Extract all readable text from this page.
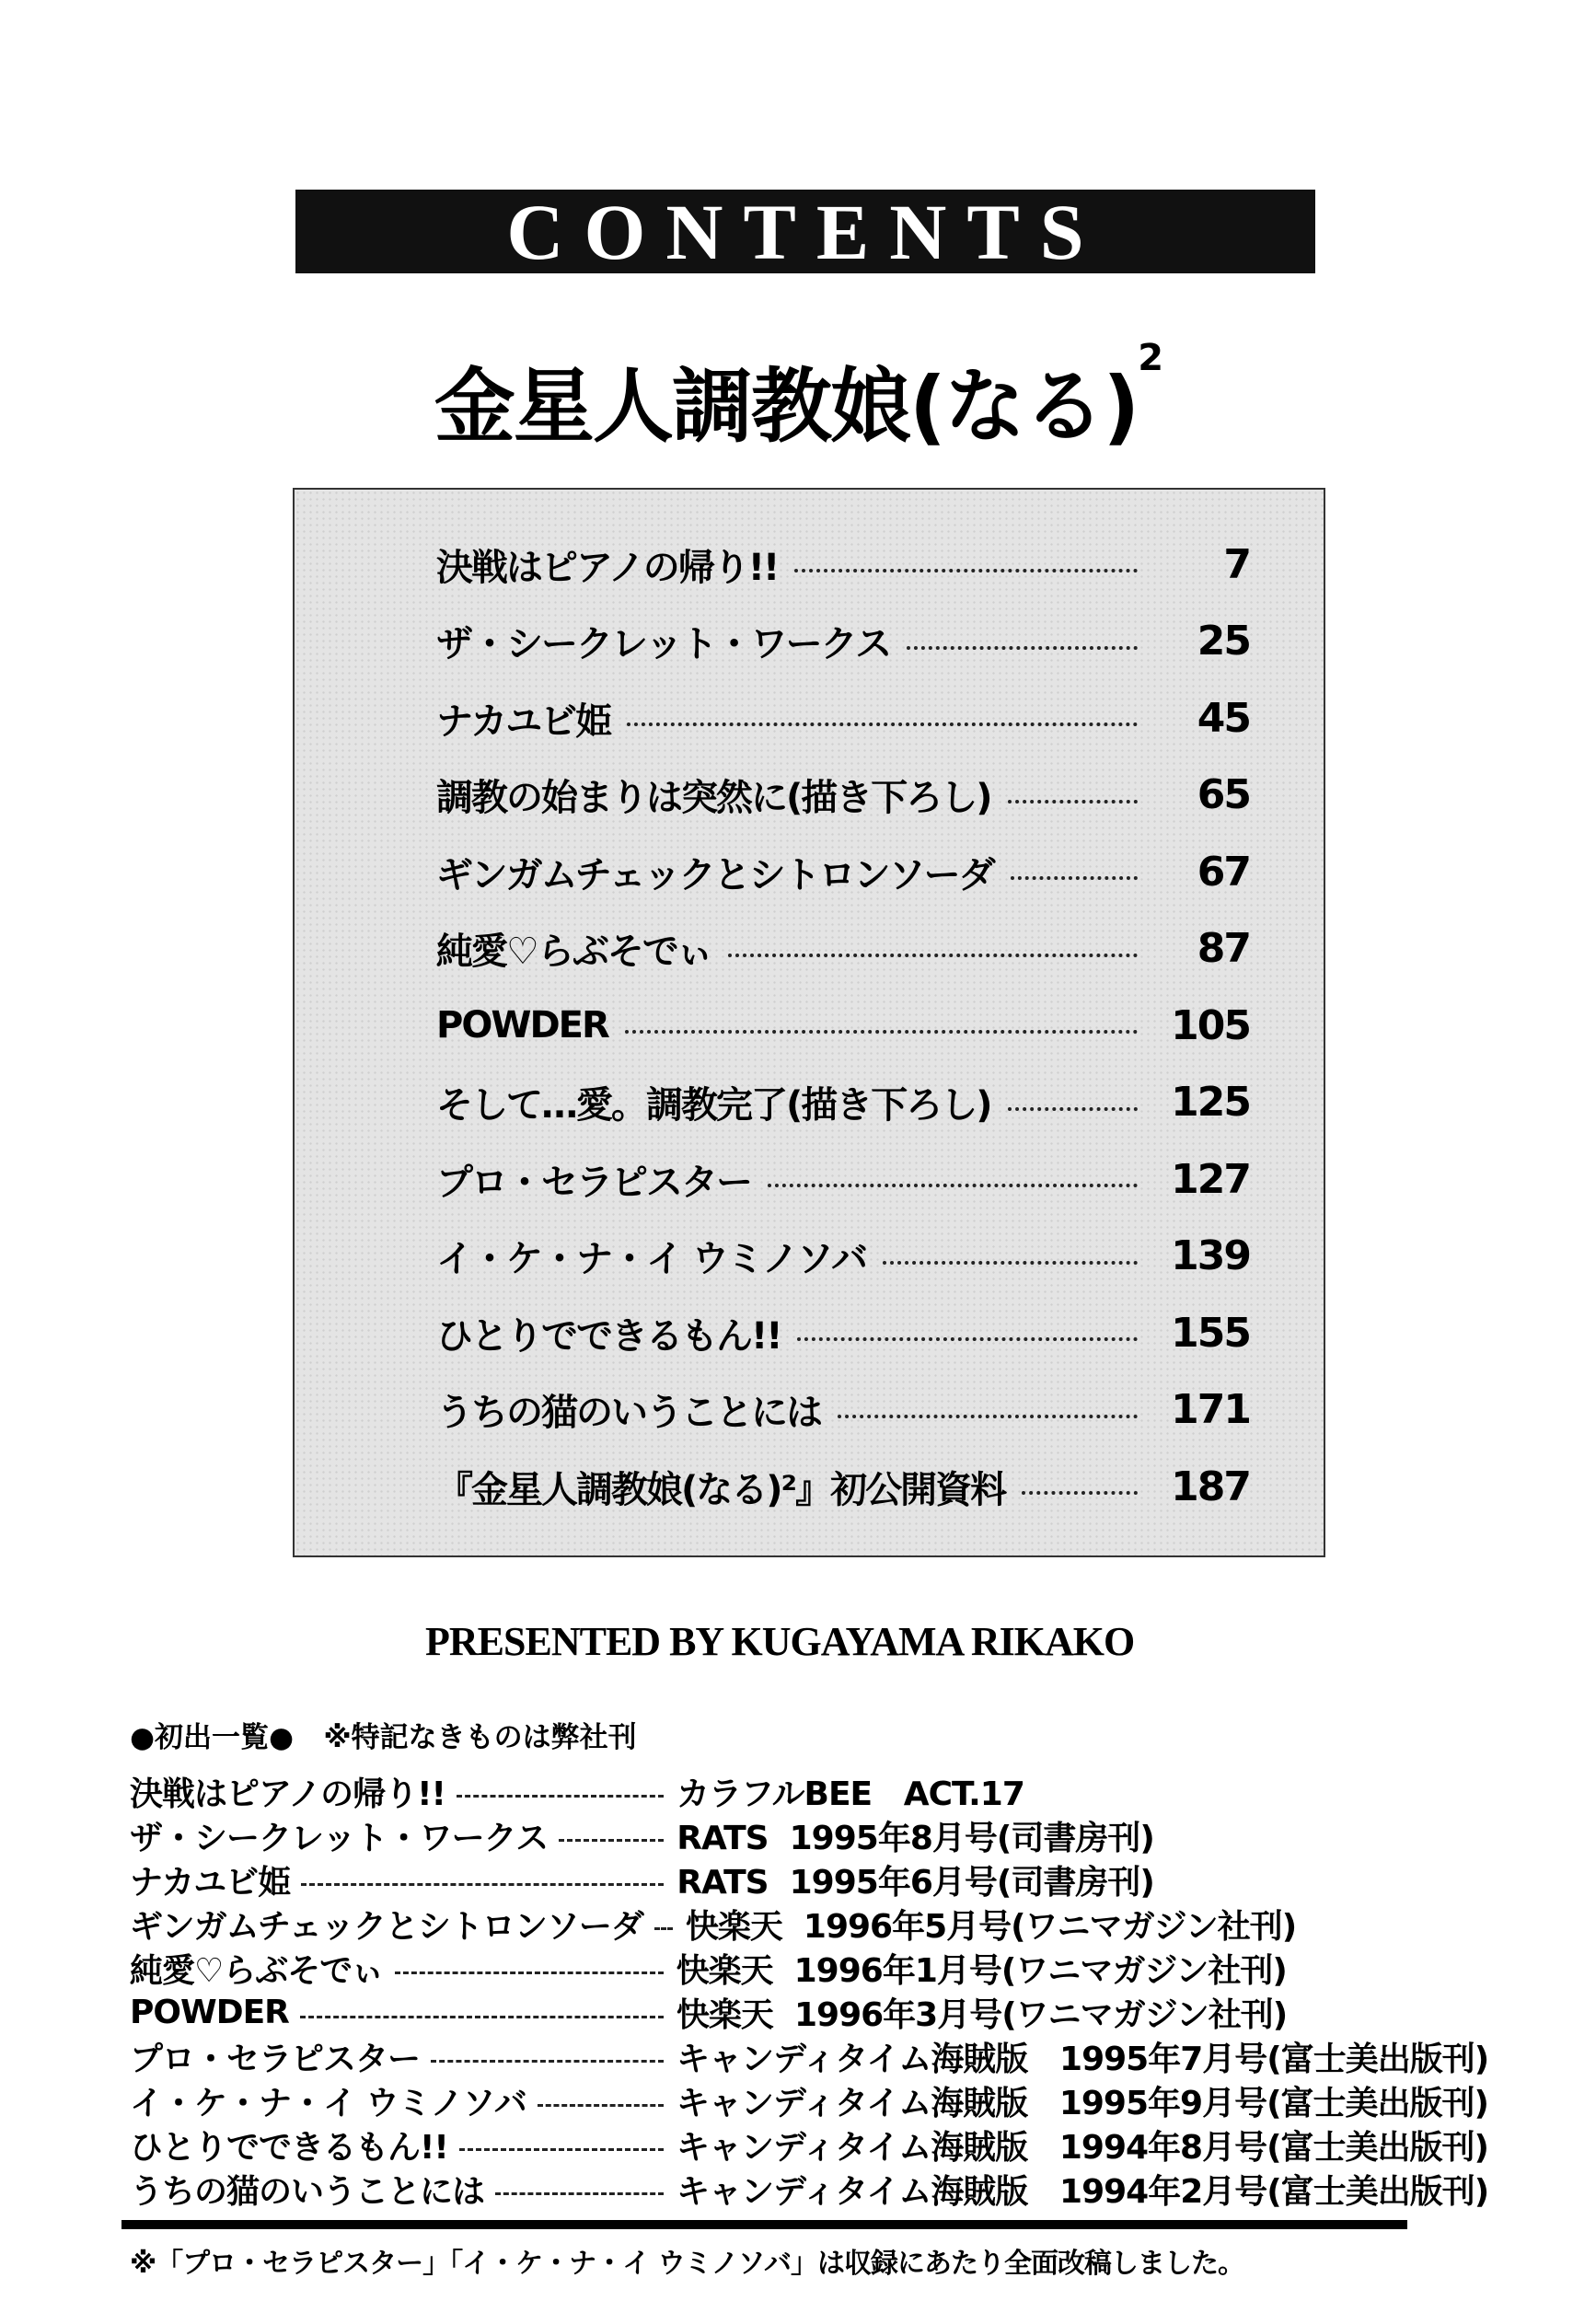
CONTENTS
金星人調教娘(なる)$^2$
決戦はピアノの帰り!!	7
ザ・シークレット・ワークス	25
ナカユビ姫	45
調教の始まりは突然に(描き下ろし)	65
ギンガムチェックとシトロンソーダ	67
純愛♡らぶそでぃ	87
POWDER	105
そして…愛。調教完了(描き下ろし)	125
プロ・セラピスター	127
イ・ケ・ナ・イ ウミノソバ	139
ひとりでできるもん!!	155
うちの猫のいうことには	171
『金星人調教娘(なる)²』初公開資料	187
PRESENTED BY KUGAYAMA RIKAKO
●初出一覧●   ※特記なきものは弊社刊
決戦はピアノの帰り!!	カラフルBEE   ACT.17
ザ・シークレット・ワークス	RATS  1995年8月号(司書房刊)
ナカユビ姫	RATS  1995年6月号(司書房刊)
ギンガムチェックとシトロンソーダ 快楽天  1996年5月号(ワニマガジン社刊)
純愛♡らぶそでぃ	快楽天  1996年1月号(ワニマガジン社刊)
POWDER	快楽天  1996年3月号(ワニマガジン社刊)
プロ・セラピスター	キャンディタイム海賊版   1995年7月号(富士美出版刊)
イ・ケ・ナ・イ ウミノソバ	キャンディタイム海賊版   1995年9月号(富士美出版刊)
ひとりでできるもん!!	キャンディタイム海賊版   1994年8月号(富士美出版刊)
うちの猫のいうことには	キャンディタイム海賊版   1994年2月号(富士美出版刊)
※「プロ・セラピスター」「イ・ケ・ナ・イ ウミノソバ」は収録にあたり全面改稿しました。
